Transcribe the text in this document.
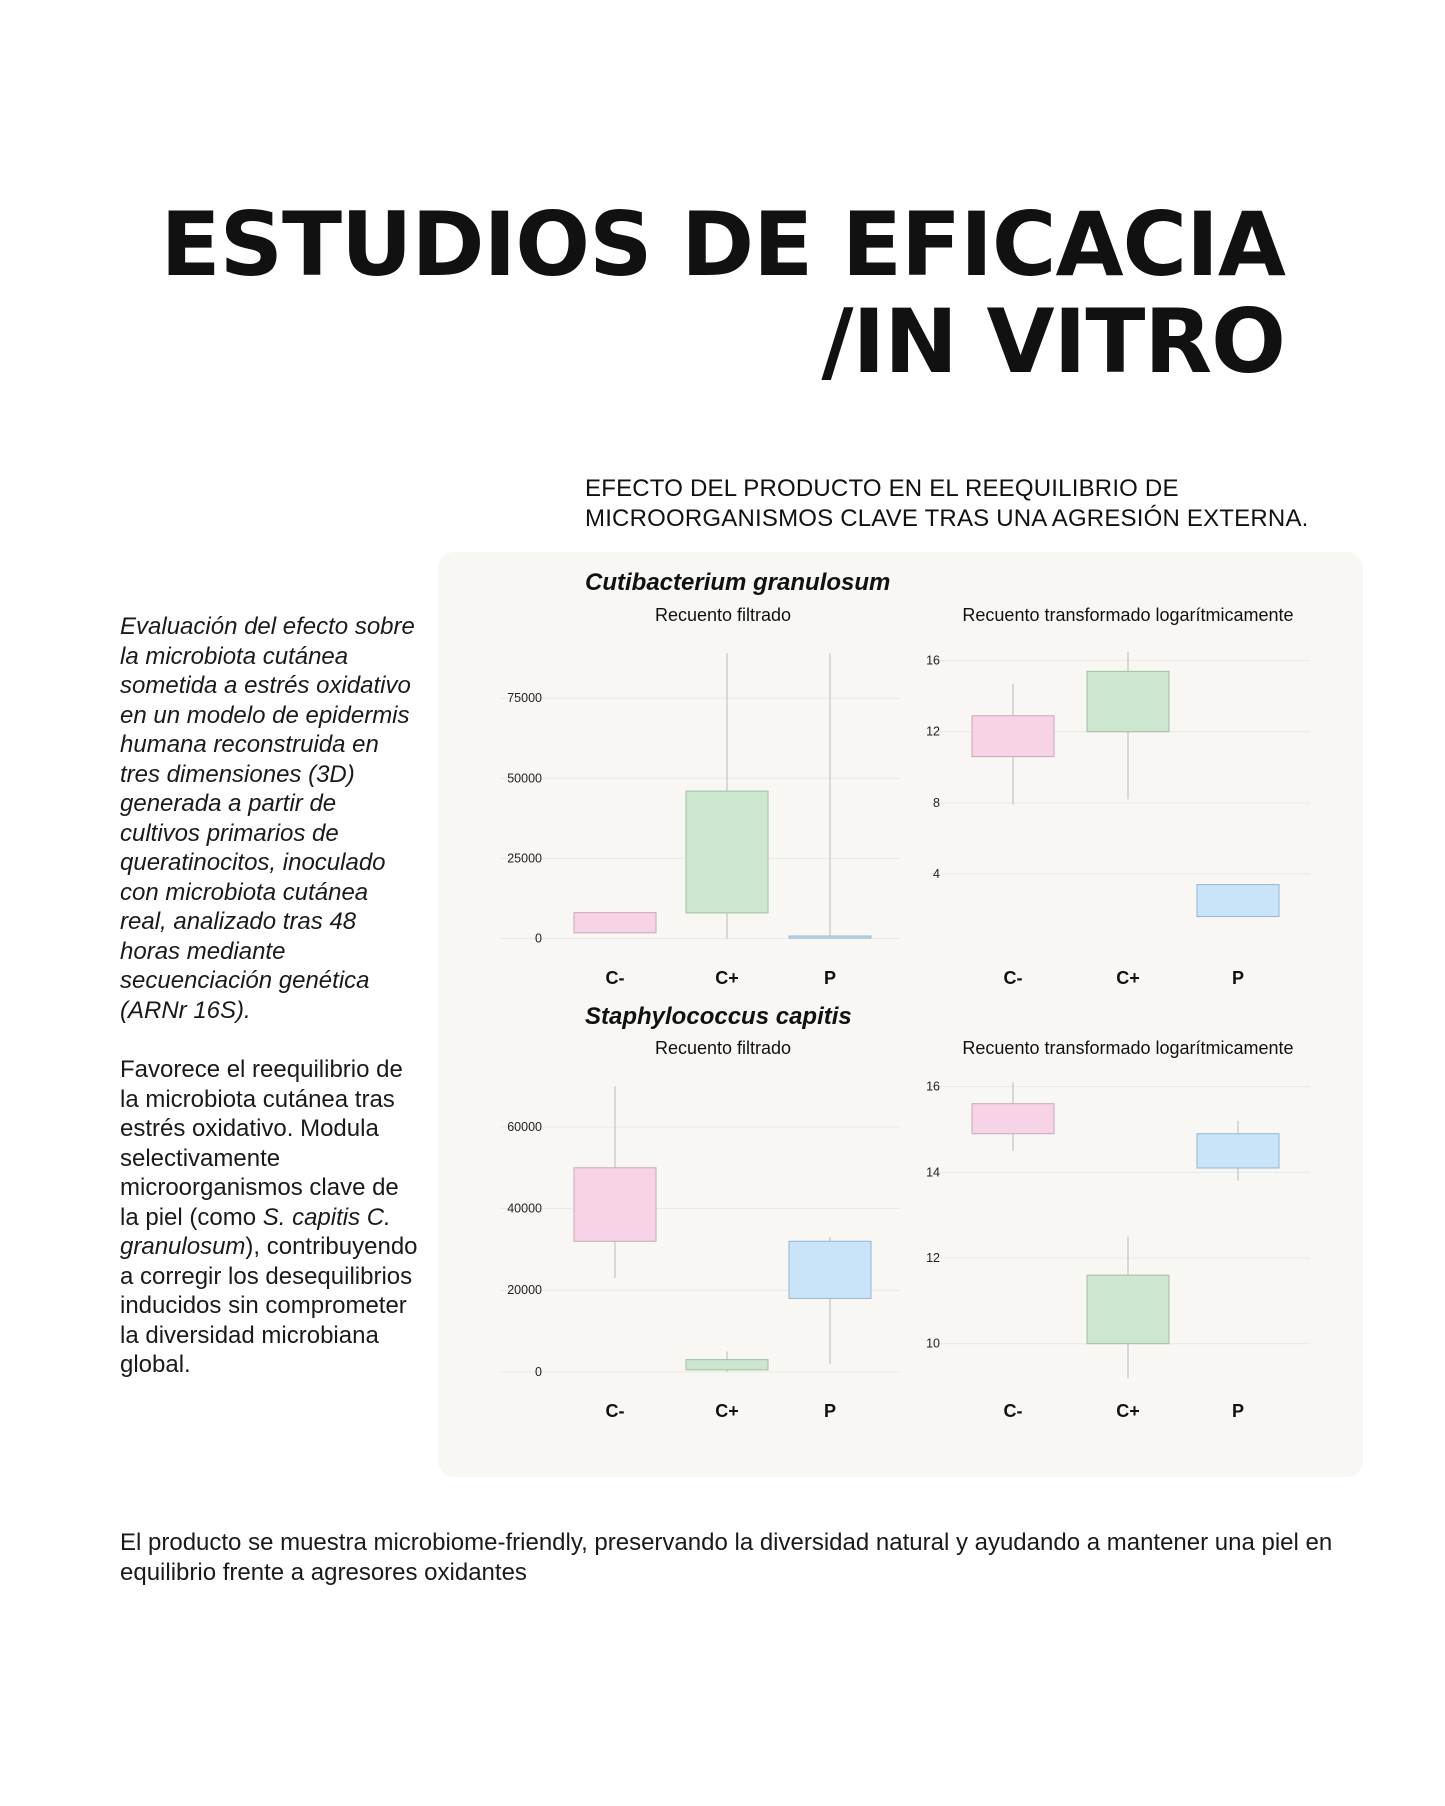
ESTUDIOS DE EFICACIA
/IN VITRO
EFECTO DEL PRODUCTO EN EL REEQUILIBRIO DE
MICROORGANISMOS CLAVE TRAS UNA AGRESIÓN EXTERNA.

Evaluación del efecto sobre la microbiota cutánea sometida a estrés oxidativo en un modelo de epidermis humana reconstruida en tres dimensiones (3D) generada a partir de cultivos primarios de queratinocitos, inoculado con microbiota cutánea real, analizado tras 48 horas mediante secuenciación genética (ARNr 16S).

Favorece el reequilibrio de la microbiota cutánea tras estrés oxidativo. Modula selectivamente microorganismos clave de la piel (como S. capitis C. granulosum), contribuyendo a corregir los desequilibrios inducidos sin comprometer la diversidad microbiana global.

El producto se muestra microbiome-friendly, preservando la diversidad natural y ayudando a mantener una piel en equilibrio frente a agresores oxidantes

Cutibacterium granulosum
Recuento filtrado
0
25000
50000
75000
C-	C+	P
Recuento transformado logarítmicamente
4
8
12
16
C-	C+	P
Staphylococcus capitis
Recuento filtrado
0
20000
40000
60000
C-	C+	P
Recuento transformado logarítmicamente
10
12
14
16
C-	C+	P
